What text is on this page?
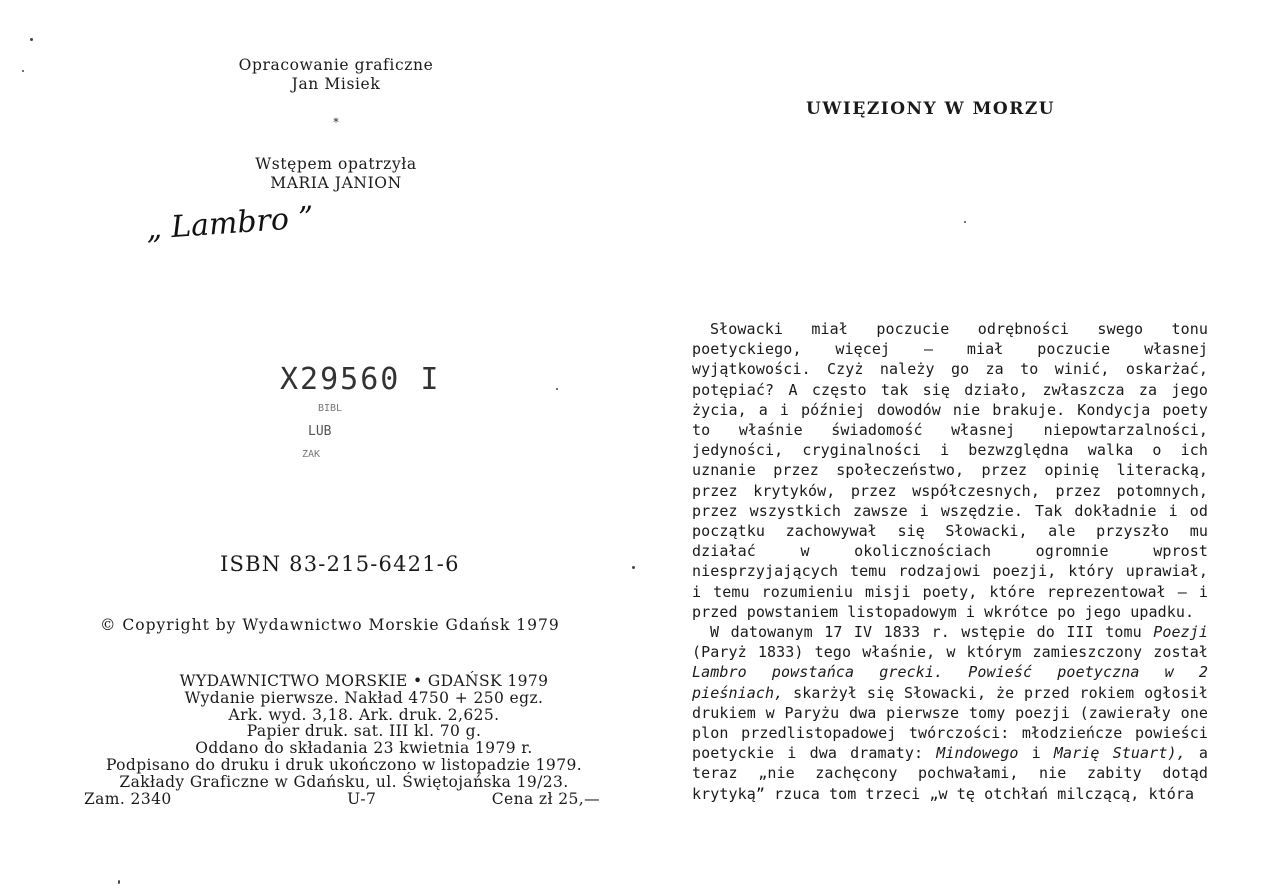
Opracowanie graficzne
Jan Misiek
*
Wstępem opatrzyła
MARIA JANION
„ Lambro ”
X29560 I
BIBL
LUB
ZAK
ISBN 83-215-6421-6
© Copyright by Wydawnictwo Morskie Gdańsk 1979
WYDAWNICTWO MORSKIE • GDAŃSK 1979
Wydanie pierwsze. Nakład 4750 + 250 egz.
Ark. wyd. 3,18. Ark. druk. 2,625.
Papier druk. sat. III kl. 70 g.
Oddano do składania 23 kwietnia 1979 r.
Podpisano do druku i druk ukończono w listopadzie 1979.
Zakłady Graficzne w Gdańsku, ul. Świętojańska 19/23.
Zam. 2340	U-7	Cena zł 25,—
UWIĘZIONY W MORZU

Słowacki miał poczucie odrębności swego tonu poetyckiego, więcej — miał poczucie własnej wyjątkowości. Czyż należy go za to winić, oskarżać, potępiać? A często tak się działo, zwłaszcza za jego życia, a i później dowodów nie brakuje. Kondycja poety to właśnie świadomość własnej niepowtarzalności, jedyności, cryginalności i bezwzględna walka o ich uznanie przez społeczeństwo, przez opinię literacką, przez krytyków, przez współczesnych, przez potomnych, przez wszystkich zawsze i wszędzie. Tak dokładnie i od początku zachowywał się Słowacki, ale przyszło mu działać w okolicznościach ogromnie wprost niesprzyjających temu rodzajowi poezji, który uprawiał, i temu rozumieniu misji poety, które reprezentował — i przed powstaniem listopadowym i wkrótce po jego upadku.

W datowanym 17 IV 1833 r. wstępie do III tomu Poezji (Paryż 1833) tego właśnie, w którym zamieszczony został Lambro powstańca grecki. Powieść poetyczna w 2 pieśniach, skarżył się Słowacki, że przed rokiem ogłosił drukiem w Paryżu dwa pierwsze tomy poezji (zawierały one plon przedlistopadowej twórczości: młodzieńcze powieści poetyckie i dwa dramaty: Mindowego i Marię Stuart), a teraz „nie zachęcony pochwałami, nie zabity dotąd krytyką” rzuca tom trzeci „w tę otchłań milczącą, która
